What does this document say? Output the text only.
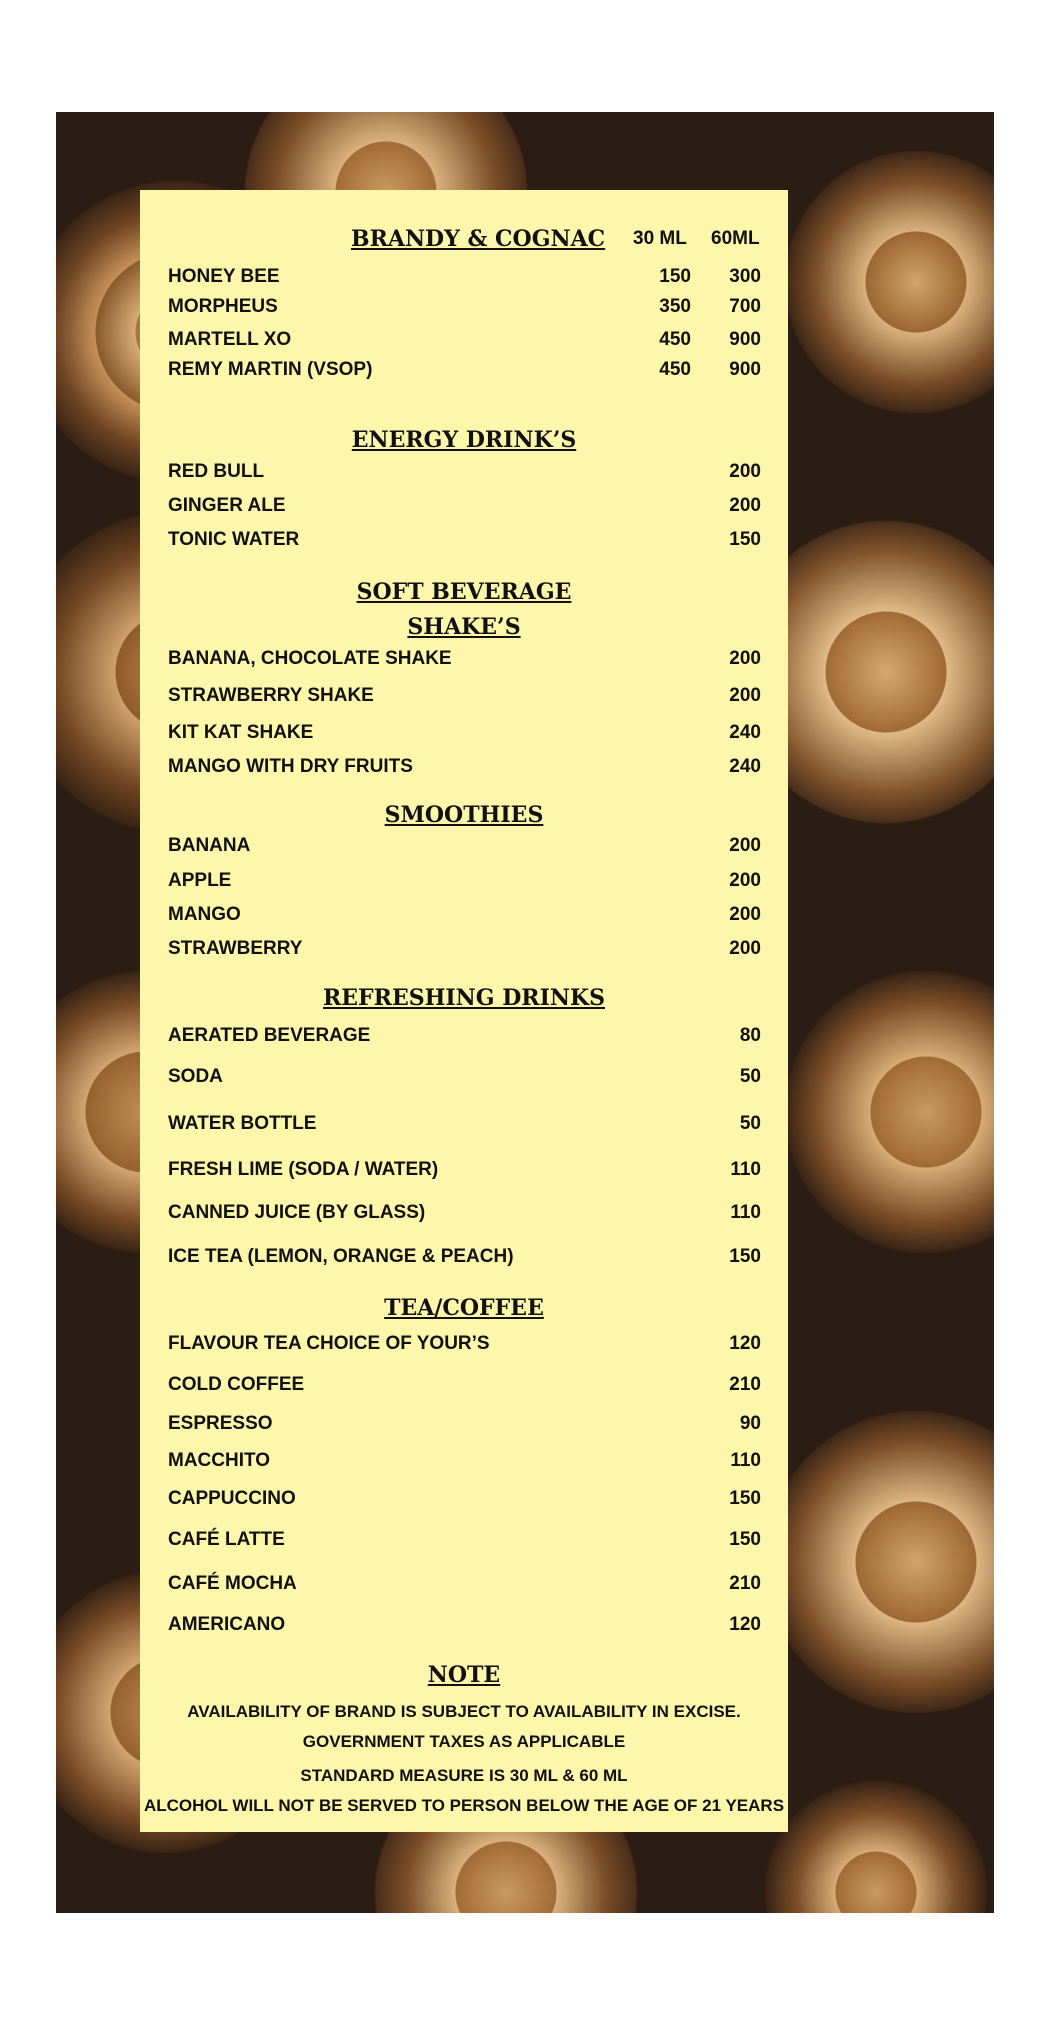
BRANDY & COGNAC 30 ML 60ML
HONEY BEE	150 300
MORPHEUS	350 700
MARTELL XO	450 900
REMY MARTIN (VSOP)	450 900
ENERGY DRINK’S
RED BULL	200
GINGER ALE	200
TONIC WATER	150
SOFT BEVERAGE
SHAKE’S
BANANA, CHOCOLATE SHAKE	200
STRAWBERRY SHAKE	200
KIT KAT SHAKE	240
MANGO WITH DRY FRUITS	240
SMOOTHIES
BANANA	200
APPLE	200
MANGO	200
STRAWBERRY	200
REFRESHING DRINKS
AERATED BEVERAGE	80
SODA	50
WATER BOTTLE	50
FRESH LIME (SODA / WATER)	110
CANNED JUICE (BY GLASS)	110
ICE TEA (LEMON, ORANGE & PEACH)	150
TEA/COFFEE
FLAVOUR TEA CHOICE OF YOUR’S	120
COLD COFFEE	210
ESPRESSO	90
MACCHITO	110
CAPPUCCINO	150
CAFÉ LATTE	150
CAFÉ MOCHA	210
AMERICANO	120
NOTE
AVAILABILITY OF BRAND IS SUBJECT TO AVAILABILITY IN EXCISE.
GOVERNMENT TAXES AS APPLICABLE
STANDARD MEASURE IS 30 ML & 60 ML
ALCOHOL WILL NOT BE SERVED TO PERSON BELOW THE AGE OF 21 YEARS
